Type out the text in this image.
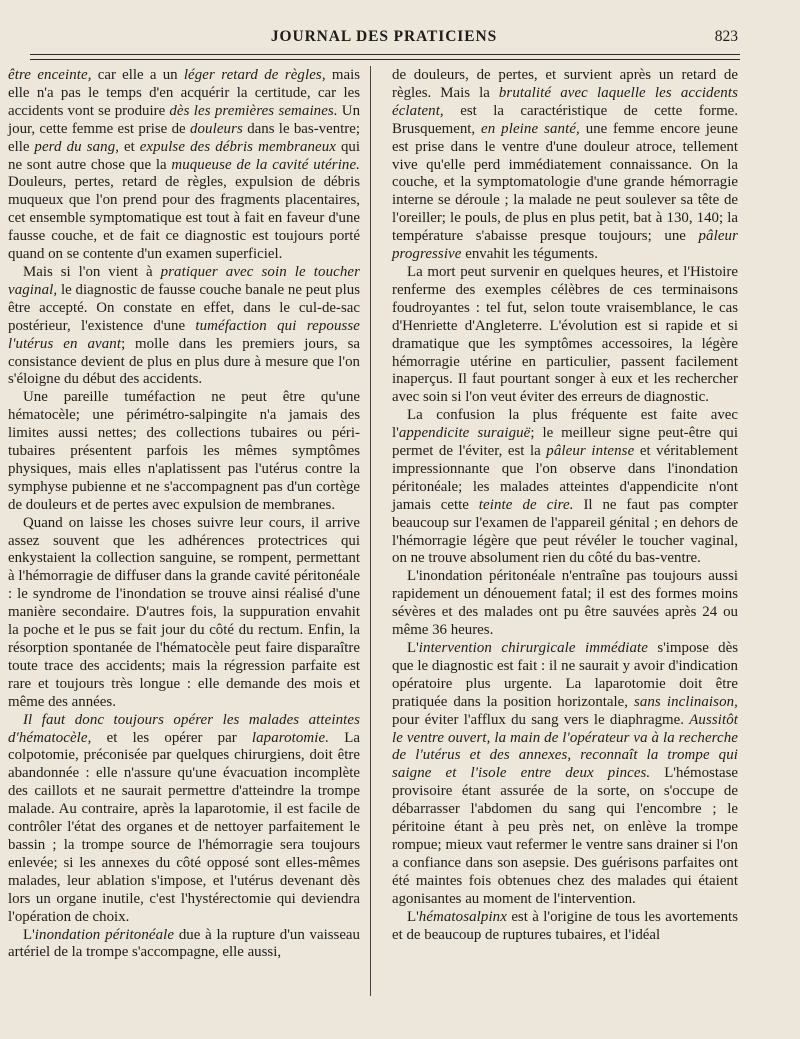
JOURNAL DES PRATICIENS	823

être enceinte, car elle a un léger retard de règles, mais elle n'a pas le temps d'en acquérir la certitude, car les accidents vont se produire dès les premières semaines. Un jour, cette femme est prise de douleurs dans le bas-ventre; elle perd du sang, et expulse des débris membraneux qui ne sont autre chose que la muqueuse de la cavité utérine. Douleurs, pertes, retard de règles, expulsion de débris muqueux que l'on prend pour des fragments placentaires, cet ensemble symptomatique est tout à fait en faveur d'une fausse couche, et de fait ce diagnostic est toujours porté quand on se contente d'un examen superficiel.

Mais si l'on vient à pratiquer avec soin le toucher vaginal, le diagnostic de fausse couche banale ne peut plus être accepté. On constate en effet, dans le cul-de-sac postérieur, l'existence d'une tuméfaction qui repousse l'utérus en avant; molle dans les premiers jours, sa consistance devient de plus en plus dure à mesure que l'on s'éloigne du début des accidents.

Une pareille tuméfaction ne peut être qu'une hématocèle; une périmétro-salpingite n'a jamais des limites aussi nettes; des collections tubaires ou péri-tubaires présentent parfois les mêmes symptômes physiques, mais elles n'aplatissent pas l'utérus contre la symphyse pubienne et ne s'accompagnent pas d'un cortège de douleurs et de pertes avec expulsion de membranes.

Quand on laisse les choses suivre leur cours, il arrive assez souvent que les adhérences protectrices qui enkystaient la collection sanguine, se rompent, permettant à l'hémorragie de diffuser dans la grande cavité péritonéale : le syndrome de l'inondation se trouve ainsi réalisé d'une manière secondaire. D'autres fois, la suppuration envahit la poche et le pus se fait jour du côté du rectum. Enfin, la résorption spontanée de l'hématocèle peut faire disparaître toute trace des accidents; mais la régression parfaite est rare et toujours très longue : elle demande des mois et même des années.

Il faut donc toujours opérer les malades atteintes d'hématocèle, et les opérer par laparotomie. La colpotomie, préconisée par quelques chirurgiens, doit être abandonnée : elle n'assure qu'une évacuation incomplète des caillots et ne saurait permettre d'atteindre la trompe malade. Au contraire, après la laparotomie, il est facile de contrôler l'état des organes et de nettoyer parfaitement le bassin ; la trompe source de l'hémorragie sera toujours enlevée; si les annexes du côté opposé sont elles-mêmes malades, leur ablation s'impose, et l'utérus devenant dès lors un organe inutile, c'est l'hystérectomie qui deviendra l'opération de choix.

L'inondation péritonéale due à la rupture d'un vaisseau artériel de la trompe s'accompagne, elle aussi,

de douleurs, de pertes, et survient après un retard de règles. Mais la brutalité avec laquelle les accidents éclatent, est la caractéristique de cette forme. Brusquement, en pleine santé, une femme encore jeune est prise dans le ventre d'une douleur atroce, tellement vive qu'elle perd immédiatement connaissance. On la couche, et la symptomatologie d'une grande hémorragie interne se déroule ; la malade ne peut soulever sa tête de l'oreiller; le pouls, de plus en plus petit, bat à 130, 140; la température s'abaisse presque toujours; une pâleur progressive envahit les téguments.

La mort peut survenir en quelques heures, et l'Histoire renferme des exemples célèbres de ces terminaisons foudroyantes : tel fut, selon toute vraisemblance, le cas d'Henriette d'Angleterre. L'évolution est si rapide et si dramatique que les symptômes accessoires, la légère hémorragie utérine en particulier, passent facilement inaperçus. Il faut pourtant songer à eux et les rechercher avec soin si l'on veut éviter des erreurs de diagnostic.

La confusion la plus fréquente est faite avec l'appendicite suraiguë; le meilleur signe peut-être qui permet de l'éviter, est la pâleur intense et véritablement impressionnante que l'on observe dans l'inondation péritonéale; les malades atteintes d'appendicite n'ont jamais cette teinte de cire. Il ne faut pas compter beaucoup sur l'examen de l'appareil génital ; en dehors de l'hémorragie légère que peut révéler le toucher vaginal, on ne trouve absolument rien du côté du bas-ventre.

L'inondation péritonéale n'entraîne pas toujours aussi rapidement un dénouement fatal; il est des formes moins sévères et des malades ont pu être sauvées après 24 ou même 36 heures.

L'intervention chirurgicale immédiate s'impose dès que le diagnostic est fait : il ne saurait y avoir d'indication opératoire plus urgente. La laparotomie doit être pratiquée dans la position horizontale, sans inclinaison, pour éviter l'afflux du sang vers le diaphragme. Aussitôt le ventre ouvert, la main de l'opérateur va à la recherche de l'utérus et des annexes, reconnaît la trompe qui saigne et l'isole entre deux pinces. L'hémostase provisoire étant assurée de la sorte, on s'occupe de débarrasser l'abdomen du sang qui l'encombre ; le péritoine étant à peu près net, on enlève la trompe rompue; mieux vaut refermer le ventre sans drainer si l'on a confiance dans son asepsie. Des guérisons parfaites ont été maintes fois obtenues chez des malades qui étaient agonisantes au moment de l'intervention.

L'hématosalpinx est à l'origine de tous les avortements et de beaucoup de ruptures tubaires, et l'idéal
